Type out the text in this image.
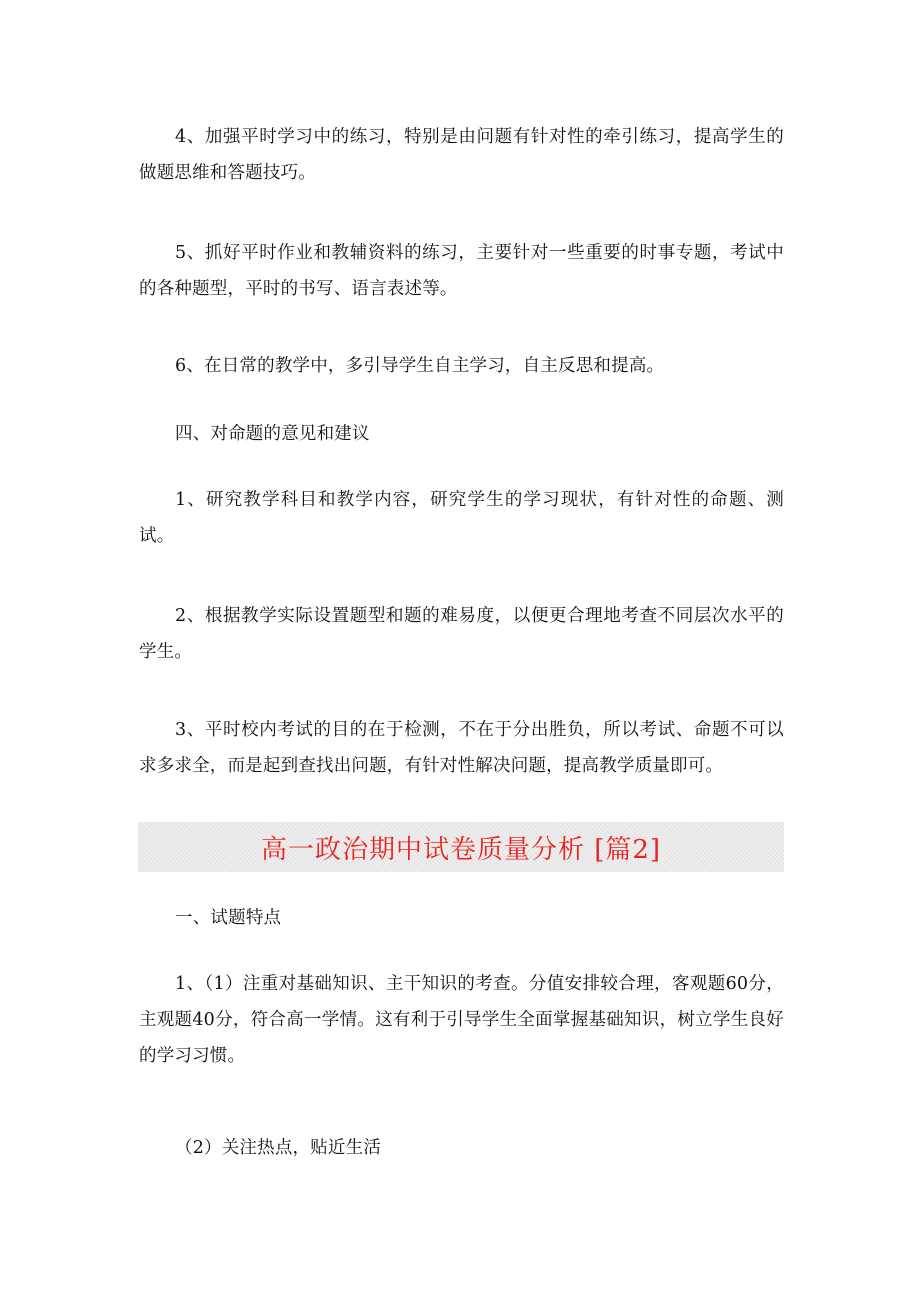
4、加强平时学习中的练习，特别是由问题有针对性的牵引练习，提高学生的做题思维和答题技巧。

5、抓好平时作业和教辅资料的练习，主要针对一些重要的时事专题，考试中的各种题型，平时的书写、语言表述等。

6、在日常的教学中，多引导学生自主学习，自主反思和提高。

四、对命题的意见和建议

1、研究教学科目和教学内容，研究学生的学习现状，有针对性的命题、测试。

2、根据教学实际设置题型和题的难易度，以便更合理地考查不同层次水平的学生。

3、平时校内考试的目的在于检测，不在于分出胜负，所以考试、命题不可以求多求全，而是起到查找出问题，有针对性解决问题，提高教学质量即可。

高一政治期中试卷质量分析 [篇2]

一、试题特点

1、（1）注重对基础知识、主干知识的考查。分值安排较合理，客观题60分，主观题40分，符合高一学情。这有利于引导学生全面掌握基础知识，树立学生良好的学习习惯。

（2）关注热点，贴近生活
